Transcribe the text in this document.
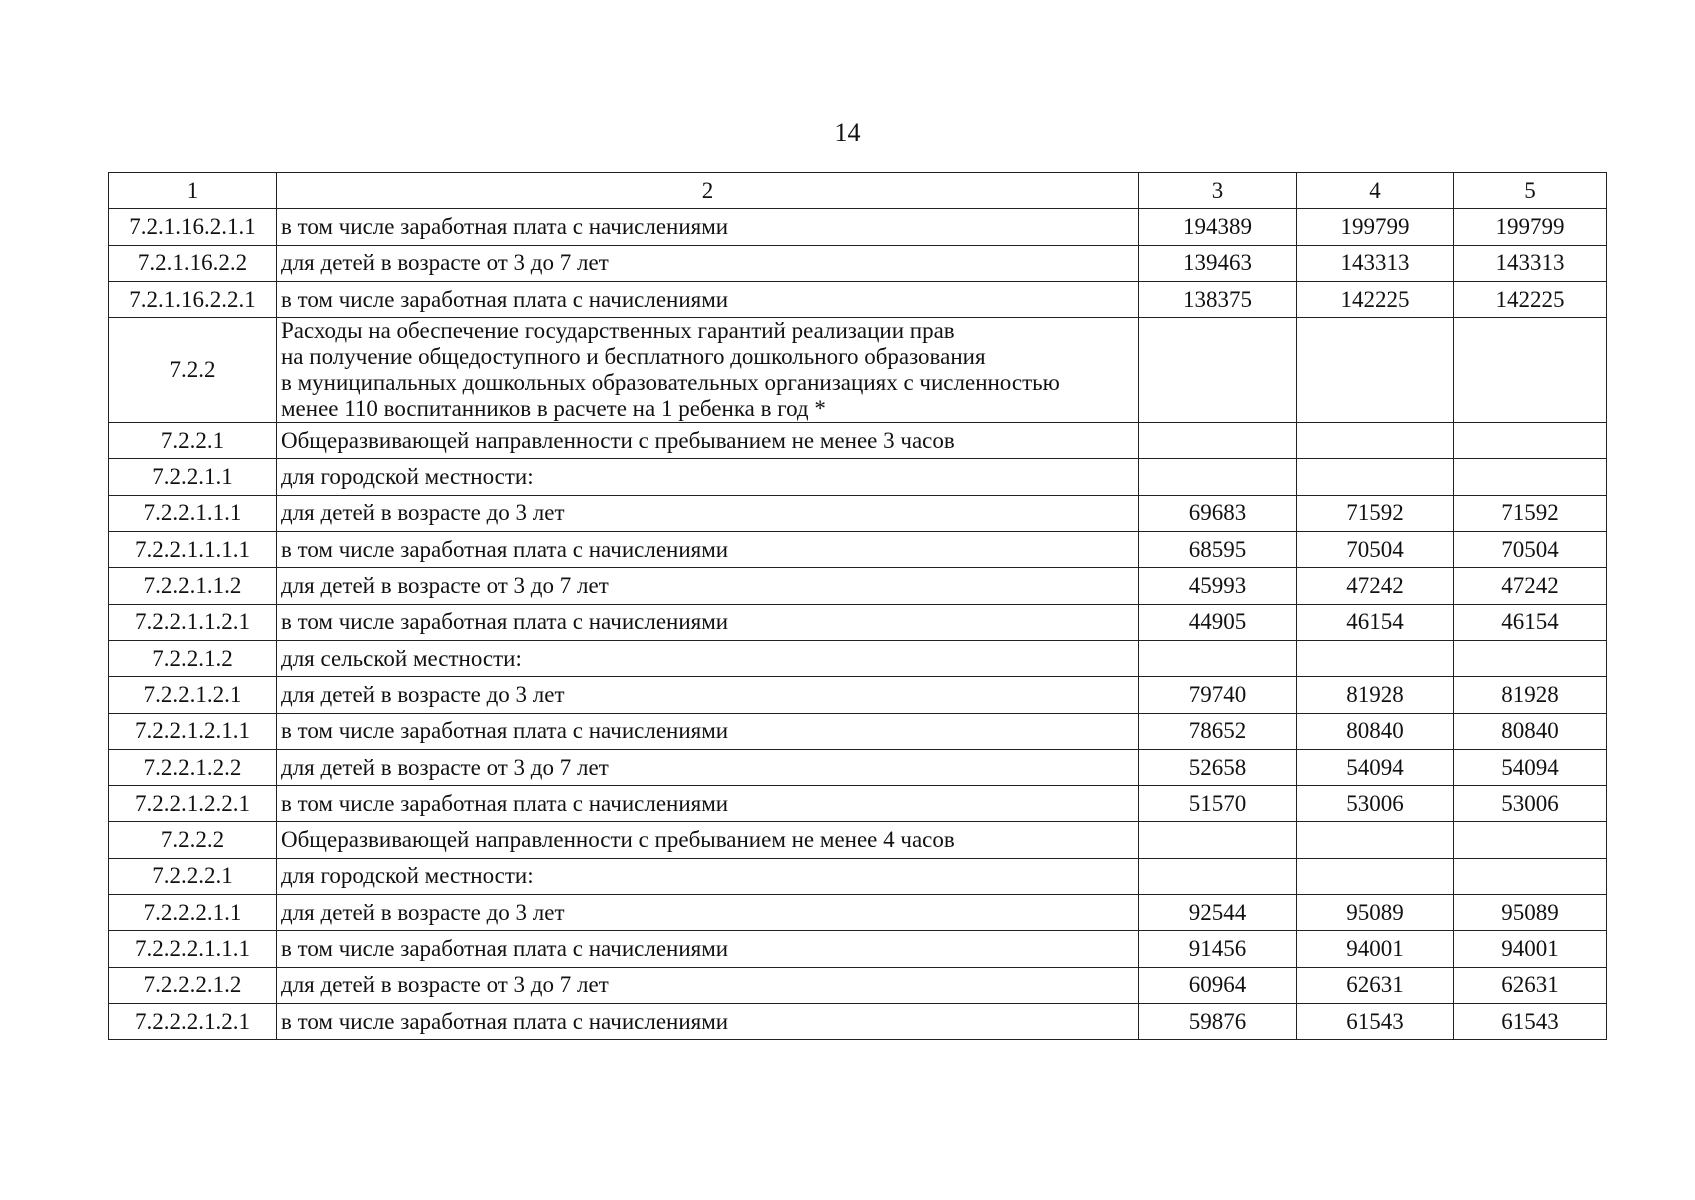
14
1	2	3	4	5
7.2.1.16.2.1.1	в том числе заработная плата с начислениями	194389	199799	199799
7.2.1.16.2.2	для детей в возрасте от 3 до 7 лет	139463	143313	143313
7.2.1.16.2.2.1	в том числе заработная плата с начислениями	138375	142225	142225
7.2.2	Расходы на обеспечение государственных гарантий реализации прав
на получение общедоступного и бесплатного дошкольного образования
в муниципальных дошкольных образовательных организациях с численностью
менее 110 воспитанников в расчете на 1 ребенка в год *			

7.2.2.1	Общеразвивающей направленности с пребыванием не менее 3 часов			
7.2.2.1.1	для городской местности:			
7.2.2.1.1.1	для детей в возрасте до 3 лет	69683	71592	71592
7.2.2.1.1.1.1	в том числе заработная плата с начислениями	68595	70504	70504
7.2.2.1.1.2	для детей в возрасте от 3 до 7 лет	45993	47242	47242
7.2.2.1.1.2.1	в том числе заработная плата с начислениями	44905	46154	46154
7.2.2.1.2	для сельской местности:			
7.2.2.1.2.1	для детей в возрасте до 3 лет	79740	81928	81928
7.2.2.1.2.1.1	в том числе заработная плата с начислениями	78652	80840	80840
7.2.2.1.2.2	для детей в возрасте от 3 до 7 лет	52658	54094	54094
7.2.2.1.2.2.1	в том числе заработная плата с начислениями	51570	53006	53006
7.2.2.2	Общеразвивающей направленности с пребыванием не менее 4 часов			
7.2.2.2.1	для городской местности:			
7.2.2.2.1.1	для детей в возрасте до 3 лет	92544	95089	95089
7.2.2.2.1.1.1	в том числе заработная плата с начислениями	91456	94001	94001
7.2.2.2.1.2	для детей в возрасте от 3 до 7 лет	60964	62631	62631
7.2.2.2.1.2.1	в том числе заработная плата с начислениями	59876	61543	61543
